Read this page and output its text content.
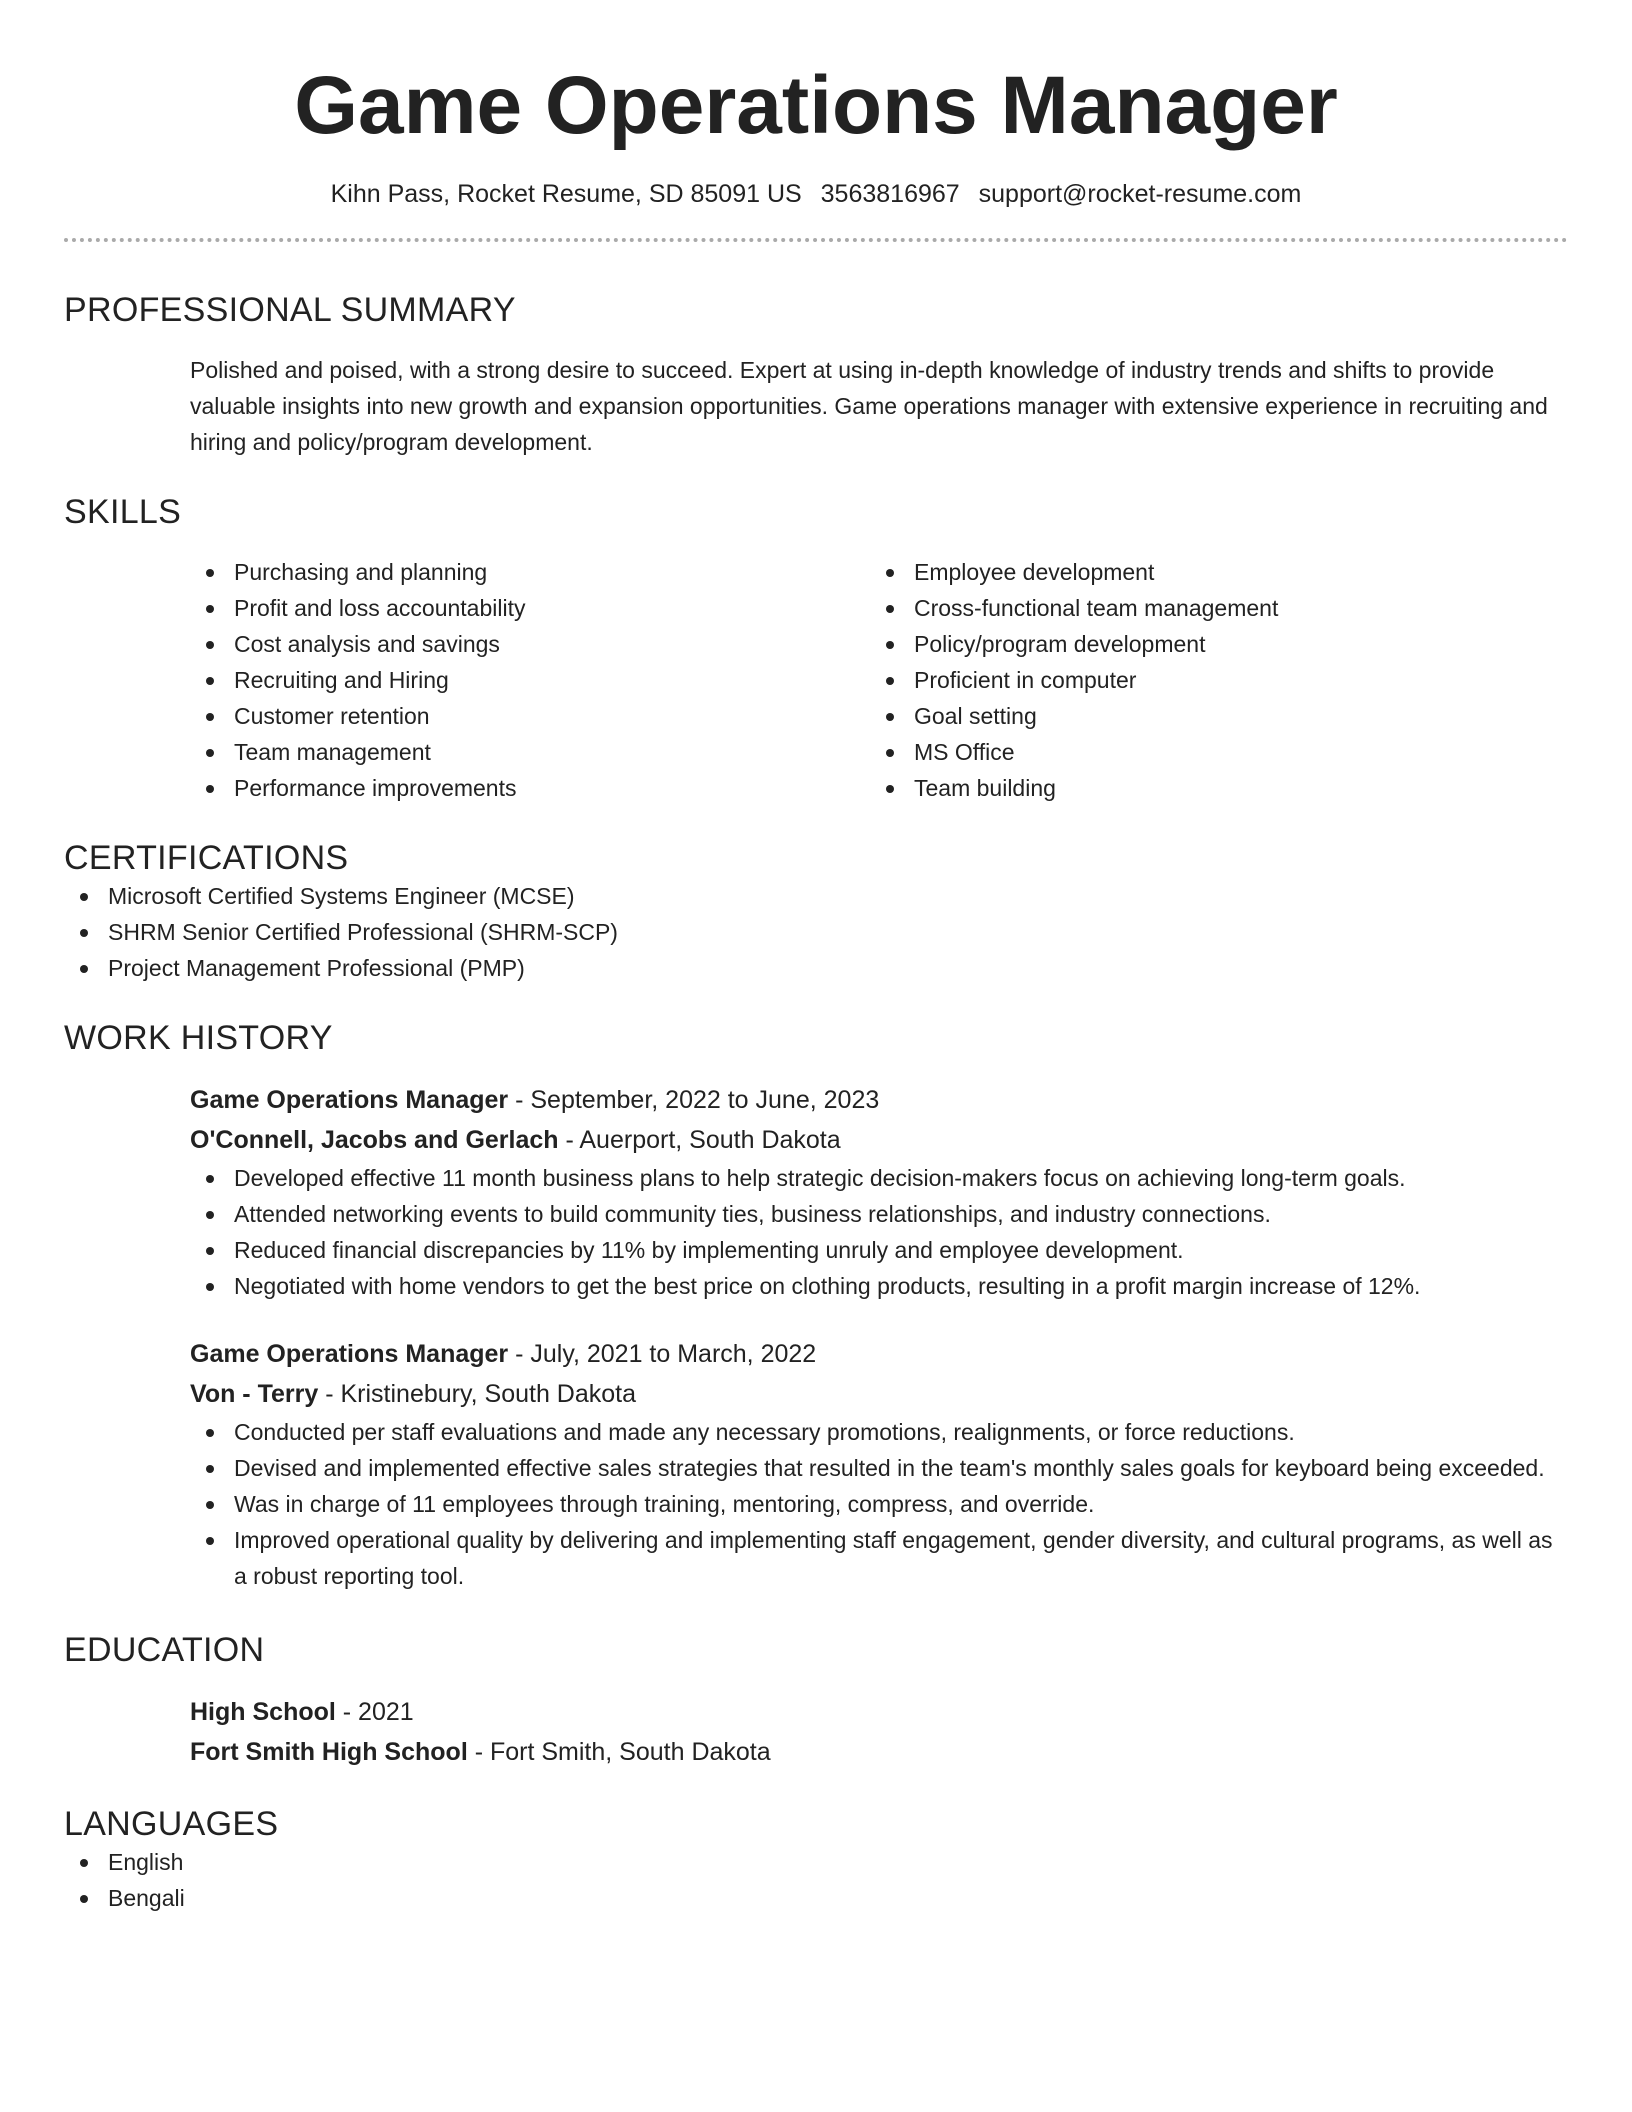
Game Operations Manager
Kihn Pass, Rocket Resume, SD 85091 US 3563816967 support@rocket-resume.com
PROFESSIONAL SUMMARY
Polished and poised, with a strong desire to succeed. Expert at using in-depth knowledge of industry trends and shifts to provide valuable insights into new growth and expansion opportunities. Game operations manager with extensive experience in recruiting and hiring and policy/program development.
SKILLS
Purchasing and planning
Profit and loss accountability
Cost analysis and savings
Recruiting and Hiring
Customer retention
Team management
Performance improvements
Employee development
Cross-functional team management
Policy/program development
Proficient in computer
Goal setting
MS Office
Team building
CERTIFICATIONS
Microsoft Certified Systems Engineer (MCSE)
SHRM Senior Certified Professional (SHRM-SCP)
Project Management Professional (PMP)
WORK HISTORY
Game Operations Manager - September, 2022 to June, 2023
O'Connell, Jacobs and Gerlach - Auerport, South Dakota
Developed effective 11 month business plans to help strategic decision-makers focus on achieving long-term goals.
Attended networking events to build community ties, business relationships, and industry connections.
Reduced financial discrepancies by 11% by implementing unruly and employee development.
Negotiated with home vendors to get the best price on clothing products, resulting in a profit margin increase of 12%.
Game Operations Manager - July, 2021 to March, 2022
Von - Terry - Kristinebury, South Dakota
Conducted per staff evaluations and made any necessary promotions, realignments, or force reductions.
Devised and implemented effective sales strategies that resulted in the team's monthly sales goals for keyboard being exceeded.
Was in charge of 11 employees through training, mentoring, compress, and override.
Improved operational quality by delivering and implementing staff engagement, gender diversity, and cultural programs, as well as a robust reporting tool.
EDUCATION
High School - 2021
Fort Smith High School - Fort Smith, South Dakota
LANGUAGES
English
Bengali
